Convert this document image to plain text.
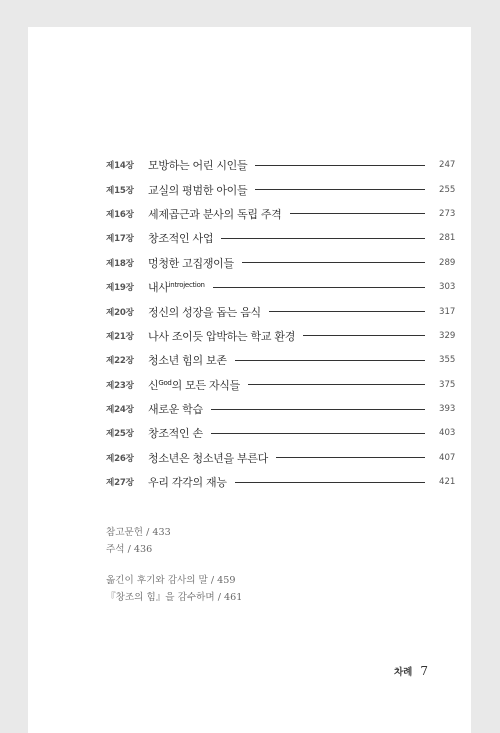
제14장	모방하는 어린 시인들	247
제15장	교실의 평범한 아이들	255
제16장	세제곱근과 분사의 독립 주격	273
제17장	창조적인 사업	281
제18장	멍청한 고집쟁이들	289
제19장	내사$^{introjection}$	303
제20장	정신의 성장을 돕는 음식	317
제21장	나사 조이듯 압박하는 학교 환경	329
제22장	청소년 힘의 보존	355
제23장	신$^{God}$의 모든 자식들	375
제24장	새로운 학습	393
제25장	창조적인 손	403
제26장	청소년은 청소년을 부른다	407
제27장	우리 각각의 재능	421
참고문헌 / 433
주석 / 436
옮긴이 후기와 감사의 말 / 459
『창조의 힘』을 감수하며 / 461
차례 7
